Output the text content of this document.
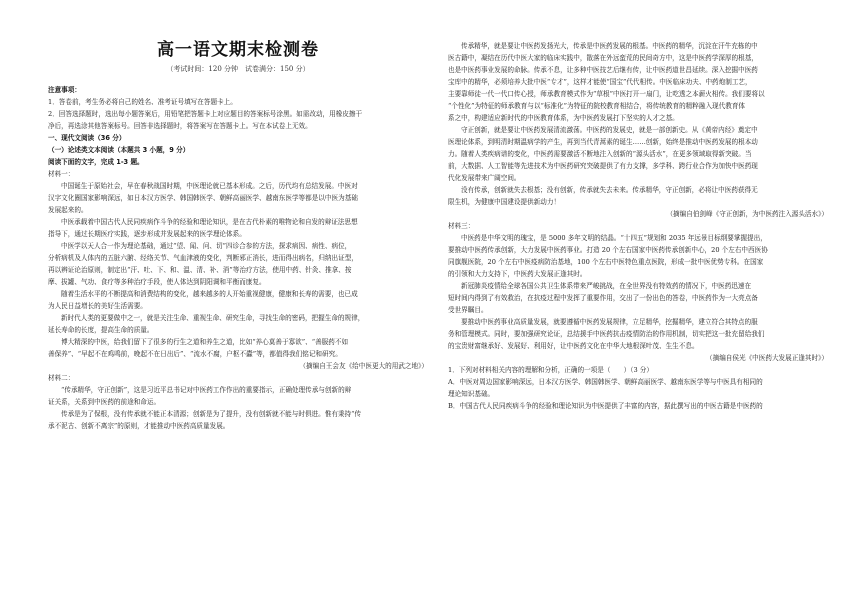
高一语文期末检测卷
（考试时间：120 分钟　试卷满分：150 分）

注意事项：

1．答卷前，考生务必将自己的姓名、准考证号填写在答题卡上。

2．回答选择题时，选出每小题答案后，用铅笔把答题卡上对应题目的答案标号涂黑。如需改动，用橡皮擦干

净后，再选涂其他答案标号。回答非选择题时，将答案写在答题卡上。写在本试卷上无效。

一、现代文阅读（36 分）

（一）论述类文本阅读（本题共 3 小题，9 分）

阅读下面的文字，完成 1-3 题。

材料一：

中国诞生于原始社会，早在春秋战国时期，中医理论就已基本形成。之后，历代均有总结发展。中医对

汉字文化圈国家影响深远，如日本汉方医学、韩国韩医学、朝鲜高丽医学、越南东医学等都是以中医为基础

发展起来的。

中医承载着中国古代人民同疾病作斗争的经验和理论知识，是在古代朴素的唯物论和自发的辩证法思想

指导下，通过长期医疗实践，逐步形成并发展起来的医学理论体系。

中医学以天人合一作为理论基础，通过“望、闻、问、切”四诊合参的方法，探求病因、病性、病位，

分析病机及人体内的五脏六腑、经络关节、气血津液的变化，判断邪正消长，进而得出病名，归纳出证型，

再以辨证论治原则，制定出“汗、吐、下、和、温、清、补、消”等治疗方法，使用中药、针灸、推拿、按

摩、拔罐、气功、食疗等多种治疗手段，使人体达到阴阳调和平衡而康复。

随着生活水平的不断提高和消费结构的变化，越来越多的人开始重视健康，健康和长寿的需要，也已成

为人民日益增长的美好生活需要。

新时代人类的更要做中之一，就是关注生命、重视生命、研究生命，寻找生命的密码，把握生命的规律，

延长寿命的长度，提高生命的质量。

博大精深的中医，给我们留下了很多的行生之道和养生之道，比如“养心莫善于寡欲”、“善服药不如

善保养”、“早起不在鸡鸣前，晚起不在日出后”、“流水不腐，户枢不蠹”等，都值得我们铭记和研究。

（摘编自王会友《给中医更大的用武之地》）

材料二：

“传承精华，守正创新”，这是习近平总书记对中医药工作作出的重要指示，正确处理传承与创新的辩

证关系，关系到中医药的前途和命运。

传承是为了保根，没有传承就不能正本清源；创新是为了提升，没有创新就不能与时俱进。惟有秉持“传

承不泥古、创新不离宗”的原则，才能推动中医药高质量发展。

传承精华，就是要让中医药发扬光大，传承是中医药发展的根基。中医药的精华，沉淀在汗牛充栋的中

医古籍中，凝结在历代中医大家的临床实践中，散落在外远蛮荒的民间奇方中，这是中医药学深厚的根基，

也是中医药事业发展的命脉。传承不息，让多种中医技艺后继有传，让中医药道世昌延续。深入挖掘中医药

宝库中的精华，必须培养大批中医“专才”，这样才能使“国宝”代代相传。中医临床功夫、中药炮制工艺，

主要靠师徒一代一代口传心授，师承教育模式作为“草根”中医打开一扇门，让吃透之本薪火相传。我们要将以

“个性化”为特征的师承教育与以“标准化”为特征的院校教育相结合，将传统教育的精粹融入现代教育体

系之中，构建适应新时代的中医教育体系，为中医药发展打下坚实的人才之基。

守正创新，就是要让中医药发展清流激荡。中医药的发展史，就是一部创新史。从《黄帝内经》奠定中

医理论体系，到明清时期温病学的产生，再到当代青蒿素的诞生……创新，始终是推动中医药发展的根本动

力。随着人类疾病谱的变化，中医药需要激活不断地注入创新的“源头活水”，在更多领域取得新突破。当

前，大数据、人工智能等先进技术为中医药研究突破提供了有力支撑，多学科、跨行业合作为加快中医药现

代化发展带来广阔空间。

没有传承，创新就失去根基；没有创新，传承就失去未来。传承精华，守正创新，必将让中医药获得无

限生机，为健康中国建设提供新动力！

（摘编自伯剑峰《守正创新，为中医药注入源头活水》）

材料三：

中医药是中华文明的瑰宝，是 5000 多年文明的结晶。“十四五”规划和 2035 年远景目标纲要掌握提出，

要推动中医药传承创新，大力发展中医药事业。打造 20 个左右国家中医药传承创新中心，20 个左右中西医协

同旗舰医院，20 个左右中医疫病防治基地，100 个左右中医特色重点医院，形成一批中医优势专科。在国家

的引领和大力支持下，中医药大发展正逢其时。

新冠肺炎疫情给全球各国公共卫生体系带来严峻挑战，在全世界没有特效药的情况下，中医药迅速在

短时间内得到了有效救治，在抗疫过程中发挥了重要作用，交出了一份出色的答卷，中医药作为一大亮点备

受世界瞩目。

要推动中医药事业高质量发展，就要遵循中医药发展规律，立足精华，挖掘精华，建立符合其特点的服

务和管理模式。同时，要加强研究论证，总结援手中医药抗击疫情防治的作用机制，切实把这一批充留给我们

的宝贵财富继承好、发展好、利用好，让中医药文化在中华大地根深叶茂、生生不息。

（摘编自侯光《中医药大发展正逢其时》）

1．下列对材料相关内容的理解和分析，正确的一项是（　　）（3 分）

A．中医对周边国家影响深远，日本汉方医学、韩国韩医学、朝鲜高丽医学、越南东医学等与中医具有相同的

理论知识基础。

B．中国古代人民同疾病斗争的经验和理论知识为中医提供了丰富的内容，据此撰写出的中医古籍是中医药的
